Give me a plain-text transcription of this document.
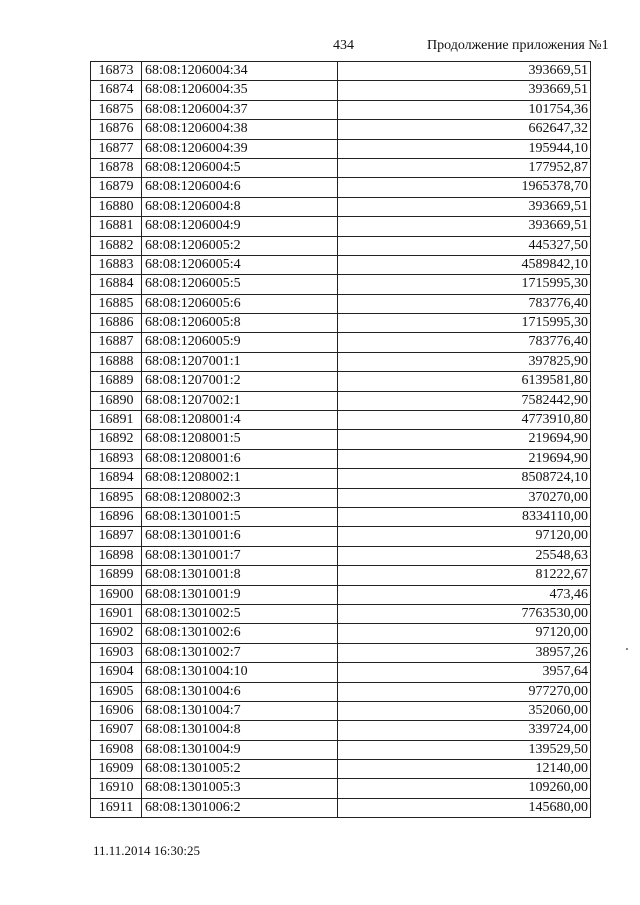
434	Продолжение приложения №1
16873 68:08:1206004:34	393669,51
16874 68:08:1206004:35	393669,51
16875 68:08:1206004:37	101754,36
16876 68:08:1206004:38	662647,32
16877 68:08:1206004:39	195944,10
16878 68:08:1206004:5	177952,87
16879 68:08:1206004:6	1965378,70
16880 68:08:1206004:8	393669,51
16881 68:08:1206004:9	393669,51
16882 68:08:1206005:2	445327,50
16883 68:08:1206005:4	4589842,10
16884 68:08:1206005:5	1715995,30
16885 68:08:1206005:6	783776,40
16886 68:08:1206005:8	1715995,30
16887 68:08:1206005:9	783776,40
16888 68:08:1207001:1	397825,90
16889 68:08:1207001:2	6139581,80
16890 68:08:1207002:1	7582442,90
16891 68:08:1208001:4	4773910,80
16892 68:08:1208001:5	219694,90
16893 68:08:1208001:6	219694,90
16894 68:08:1208002:1	8508724,10
16895 68:08:1208002:3	370270,00
16896 68:08:1301001:5	8334110,00
16897 68:08:1301001:6	97120,00
16898 68:08:1301001:7	25548,63
16899 68:08:1301001:8	81222,67
16900 68:08:1301001:9	473,46
16901 68:08:1301002:5	7763530,00
16902 68:08:1301002:6	97120,00
16903 68:08:1301002:7	38957,26
16904 68:08:1301004:10	3957,64
16905 68:08:1301004:6	977270,00
16906 68:08:1301004:7	352060,00
16907 68:08:1301004:8	339724,00
16908 68:08:1301004:9	139529,50
16909 68:08:1301005:2	12140,00
16910 68:08:1301005:3	109260,00
16911 68:08:1301006:2	145680,00
11.11.2014 16:30:25
